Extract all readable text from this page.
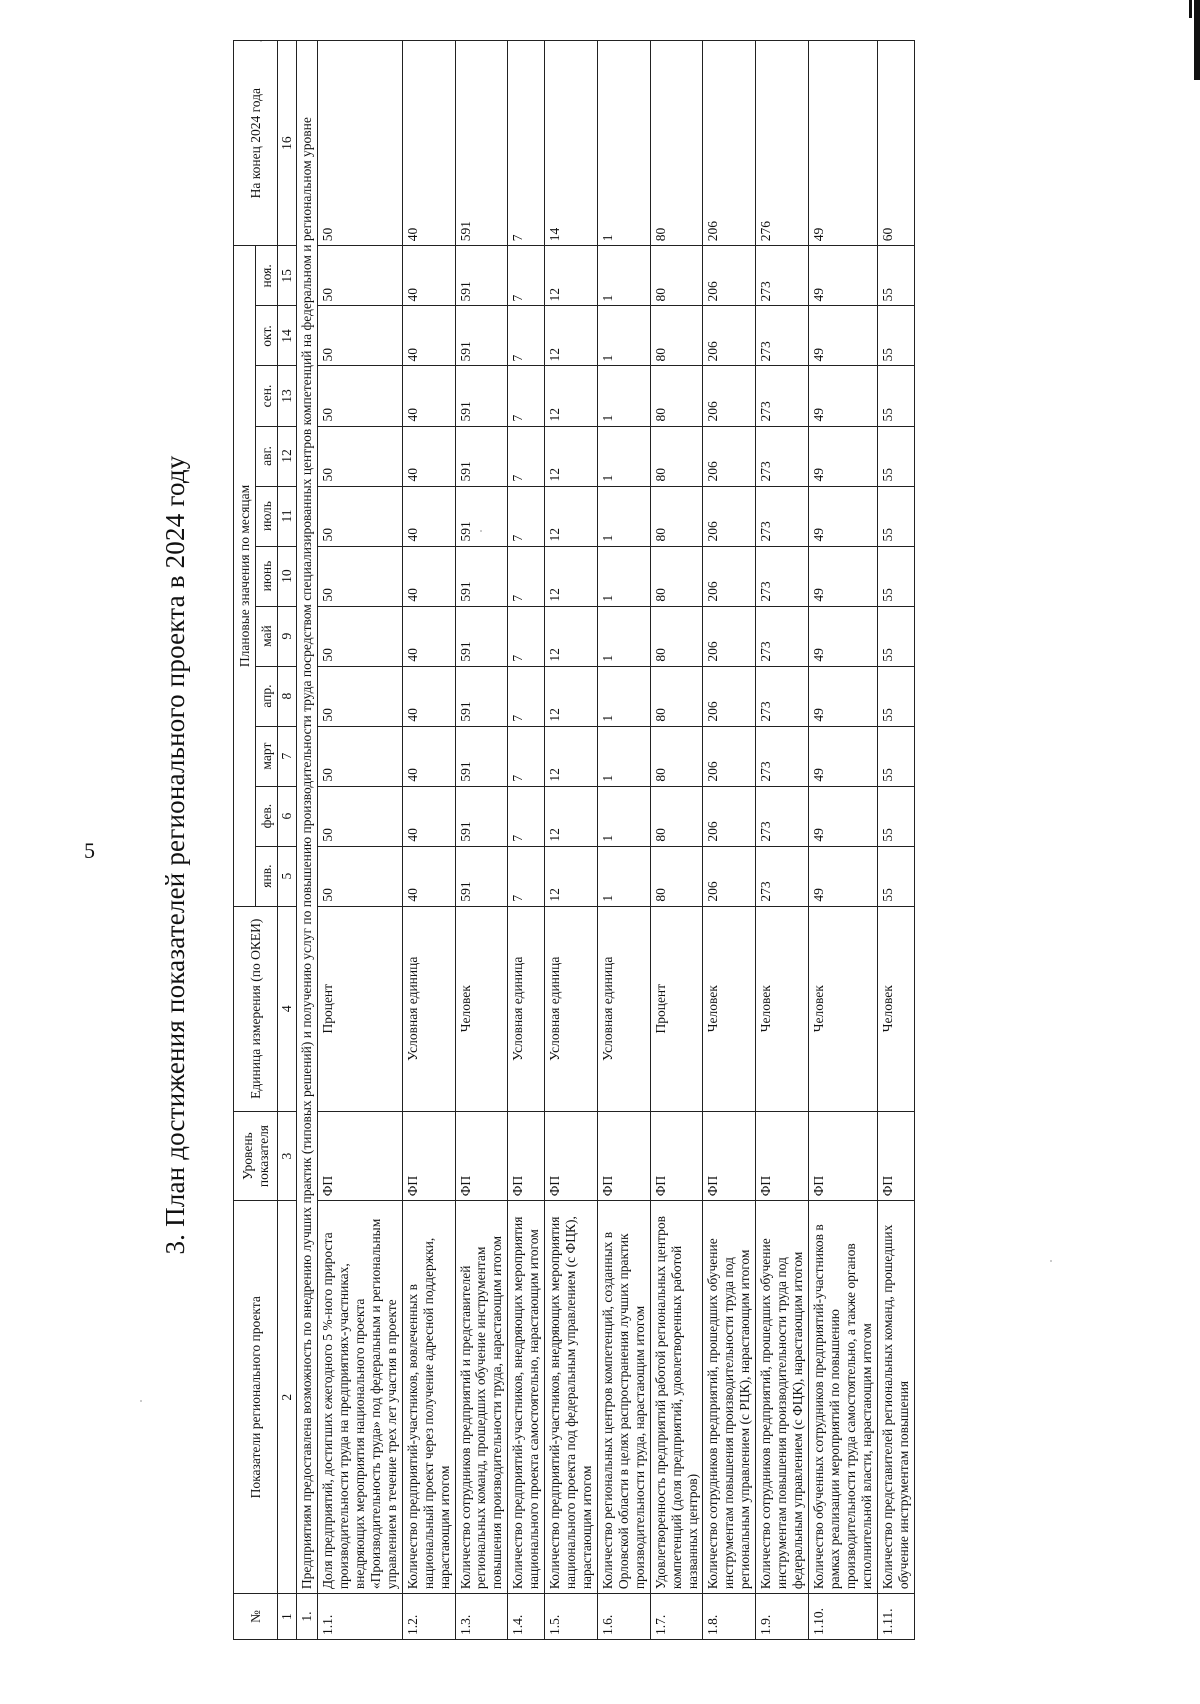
5 3. План достижения показателей регионального проекта в 2024 году
№	Показатели регионального проекта	Уровень показателя	Единица измерения (по ОКЕИ)	Плановые значения по месяцам											На конец 2024 года
				янв.	фев.	март	апр.	май	июнь	июль	авг.	сен.	окт.	ноя.	
1	2	3	4	5	6	7	8	9	10	11	12	13	14	15	16
1.	Предприятиям предоставлена возможность по внедрению лучших практик (типовых решений) и получению услуг по повышению производительности труда посредством специализированных центров компетенций на федеральном и региональном уровне														
1.1.	Доля предприятий, достигших ежегодного 5 %-ного прироста производительности труда на предприятиях-участниках, внедряющих мероприятия национального проекта «Производительность труда» под федеральным и региональным управлением в течение трех лет участия в проекте	ФП	Процент	50	50	50	50	50	50	50	50	50	50	50	50
1.2.	Количество предприятий-участников, вовлеченных в национальный проект через получение адресной поддержки, нарастающим итогом	ФП	Условная единица	40	40	40	40	40	40	40	40	40	40	40	40
1.3.	Количество сотрудников предприятий и представителей региональных команд, прошедших обучение инструментам повышения производительности труда, нарастающим итогом	ФП	Человек	591	591	591	591	591	591	591	591	591	591	591	591
1.4.	Количество предприятий-участников, внедряющих мероприятия национального проекта самостоятельно, нарастающим итогом	ФП	Условная единица	7	7	7	7	7	7	7	7	7	7	7	7
1.5.	Количество предприятий-участников, внедряющих мероприятия национального проекта под федеральным управлением (с ФЦК), нарастающим итогом	ФП	Условная единица	12	12	12	12	12	12	12	12	12	12	12	14
1.6.	Количество региональных центров компетенций, созданных в Орловской области в целях распространения лучших практик производительности труда, нарастающим итогом	ФП	Условная единица	1	1	1	1	1	1	1	1	1	1	1	1
1.7.	Удовлетворенность предприятий работой региональных центров компетенций (доля предприятий, удовлетворенных работой названных центров)	ФП	Процент	80	80	80	80	80	80	80	80	80	80	80	80
1.8.	Количество сотрудников предприятий, прошедших обучение инструментам повышения производительности труда под региональным управлением (с РЦК), нарастающим итогом	ФП	Человек	206	206	206	206	206	206	206	206	206	206	206	206
1.9.	Количество сотрудников предприятий, прошедших обучение инструментам повышения производительности труда под федеральным управлением (с ФЦК), нарастающим итогом	ФП	Человек	273	273	273	273	273	273	273	273	273	273	273	276
1.10.	Количество обученных сотрудников предприятий-участников в рамках реализации мероприятий по повышению производительности труда самостоятельно, а также органов исполнительной власти, нарастающим итогом	ФП	Человек	49	49	49	49	49	49	49	49	49	49	49	49
1.11.	Количество представителей региональных команд, прошедших обучение инструментам повышения	ФП	Человек	55	55	55	55	55	55	55	55	55	55	55	60
